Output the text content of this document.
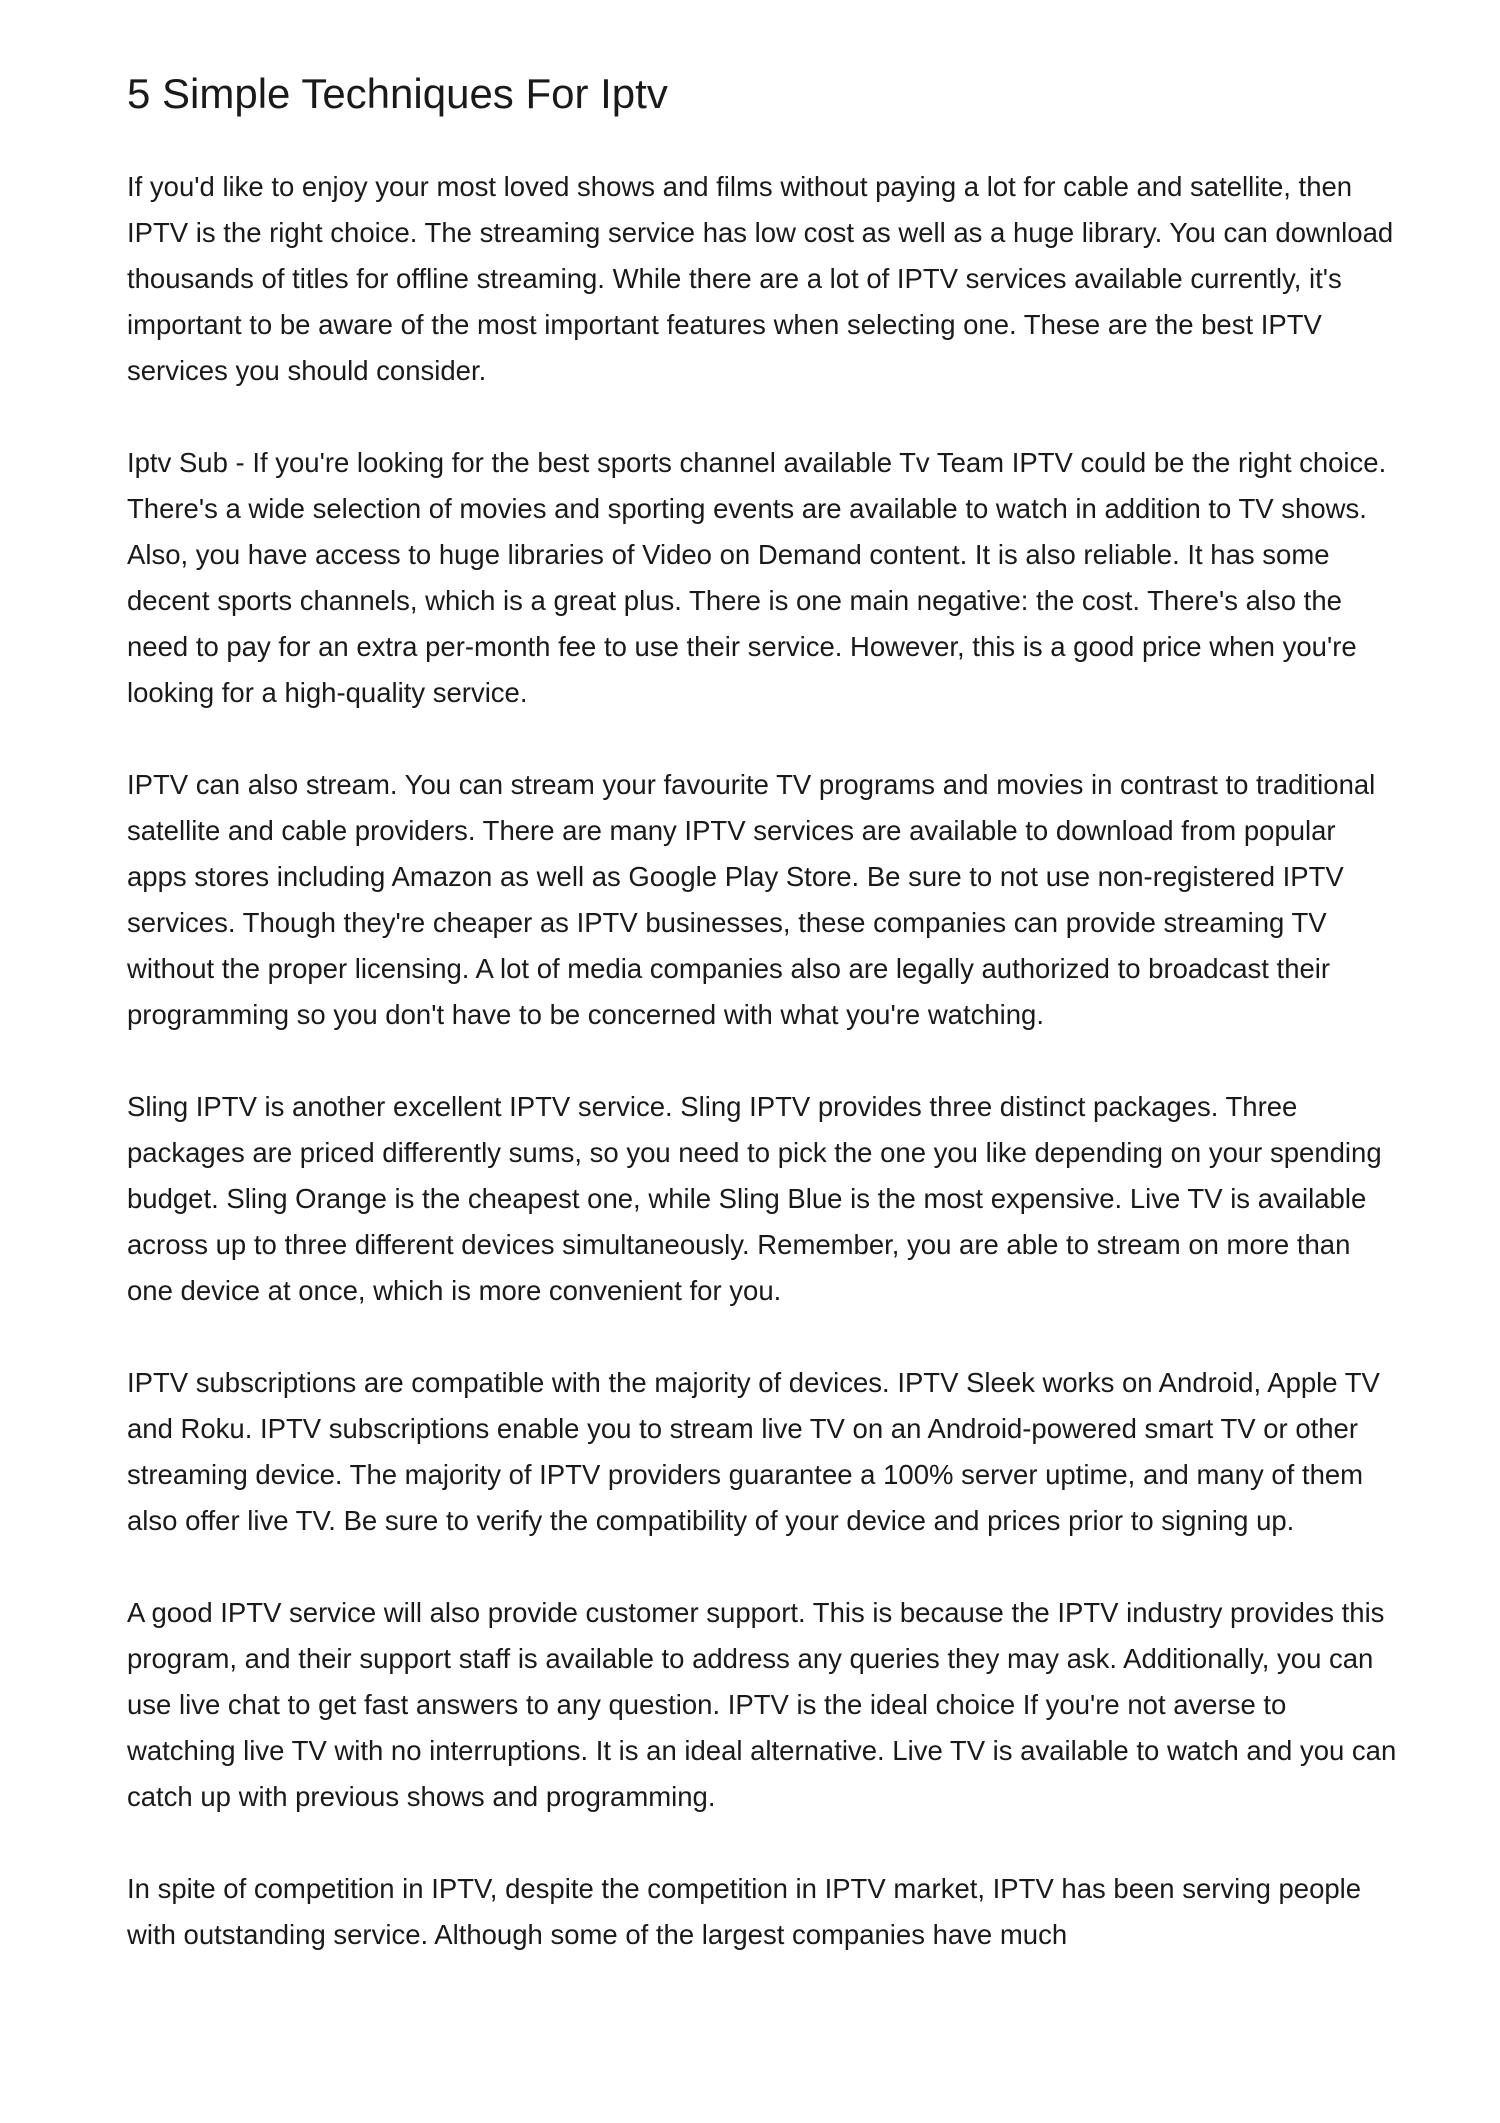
5 Simple Techniques For Iptv

If you'd like to enjoy your most loved shows and films without paying a lot for cable and satellite, then IPTV is the right choice. The streaming service has low cost as well as a huge library. You can download thousands of titles for offline streaming. While there are a lot of IPTV services available currently, it's important to be aware of the most important features when selecting one. These are the best IPTV services you should consider.

Iptv Sub - If you're looking for the best sports channel available Tv Team IPTV could be the right choice. There's a wide selection of movies and sporting events are available to watch in addition to TV shows. Also, you have access to huge libraries of Video on Demand content. It is also reliable. It has some decent sports channels, which is a great plus. There is one main negative: the cost. There's also the need to pay for an extra per-month fee to use their service. However, this is a good price when you're looking for a high-quality service.

IPTV can also stream. You can stream your favourite TV programs and movies in contrast to traditional satellite and cable providers. There are many IPTV services are available to download from popular apps stores including Amazon as well as Google Play Store. Be sure to not use non-registered IPTV services. Though they're cheaper as IPTV businesses, these companies can provide streaming TV without the proper licensing. A lot of media companies also are legally authorized to broadcast their programming so you don't have to be concerned with what you're watching.

Sling IPTV is another excellent IPTV service. Sling IPTV provides three distinct packages. Three packages are priced differently sums, so you need to pick the one you like depending on your spending budget. Sling Orange is the cheapest one, while Sling Blue is the most expensive. Live TV is available across up to three different devices simultaneously. Remember, you are able to stream on more than one device at once, which is more convenient for you.

IPTV subscriptions are compatible with the majority of devices. IPTV Sleek works on Android, Apple TV and Roku. IPTV subscriptions enable you to stream live TV on an Android-powered smart TV or other streaming device. The majority of IPTV providers guarantee a 100% server uptime, and many of them also offer live TV. Be sure to verify the compatibility of your device and prices prior to signing up.

A good IPTV service will also provide customer support. This is because the IPTV industry provides this program, and their support staff is available to address any queries they may ask. Additionally, you can use live chat to get fast answers to any question. IPTV is the ideal choice If you're not averse to watching live TV with no interruptions. It is an ideal alternative. Live TV is available to watch and you can catch up with previous shows and programming.

In spite of competition in IPTV, despite the competition in IPTV market, IPTV has been serving people with outstanding service. Although some of the largest companies have much
